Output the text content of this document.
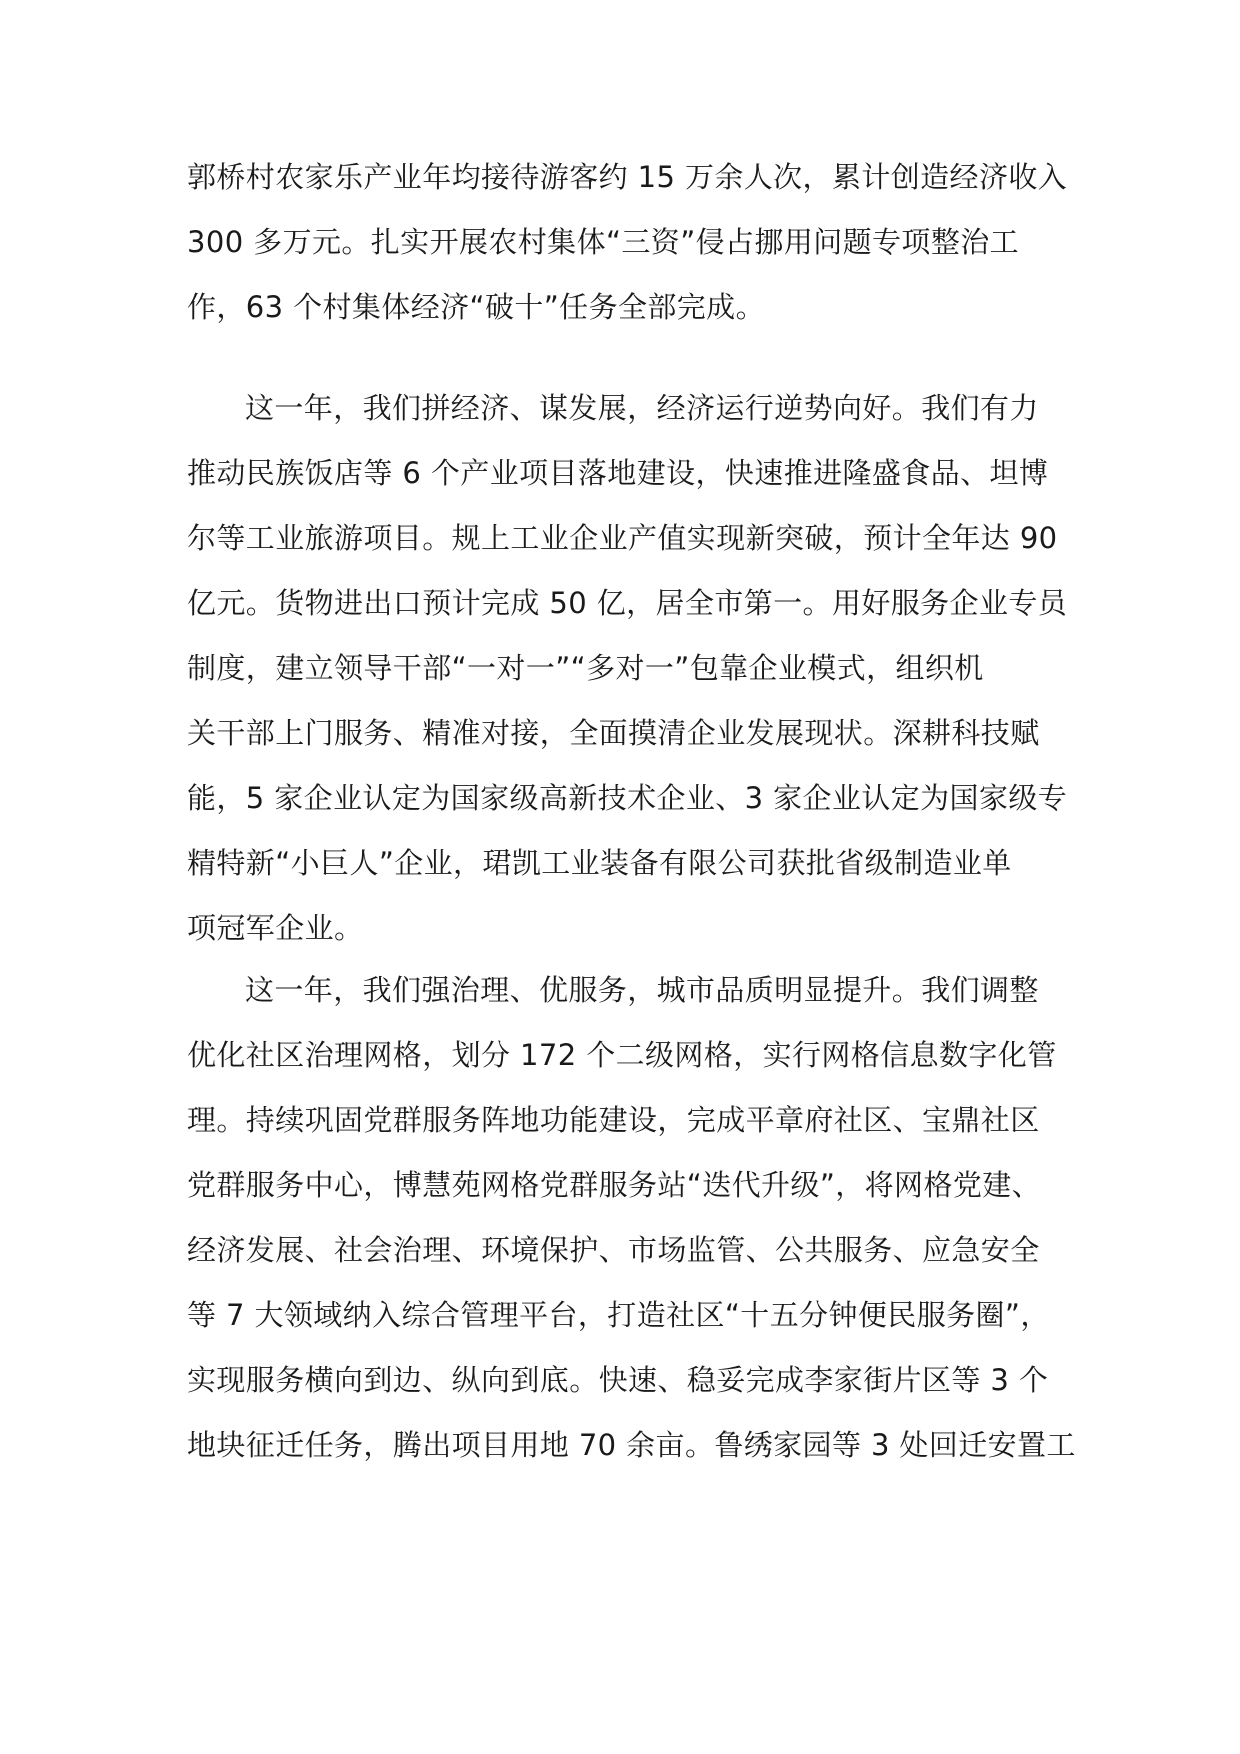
郭桥村农家乐产业年均接待游客约 15 万余人次，累计创造经济收入
300 多万元。扎实开展农村集体“三资”侵占挪用问题专项整治工
作，63 个村集体经济“破十”任务全部完成。
这一年，我们拼经济、谋发展，经济运行逆势向好。我们有力
推动民族饭店等 6 个产业项目落地建设，快速推进隆盛食品、坦博
尔等工业旅游项目。规上工业企业产值实现新突破，预计全年达 90
亿元。货物进出口预计完成 50 亿，居全市第一。用好服务企业专员
制度，建立领导干部“一对一”“多对一”包靠企业模式，组织机
关干部上门服务、精准对接，全面摸清企业发展现状。深耕科技赋
能，5 家企业认定为国家级高新技术企业、3 家企业认定为国家级专
精特新“小巨人”企业，珺凯工业装备有限公司获批省级制造业单
项冠军企业。
这一年，我们强治理、优服务，城市品质明显提升。我们调整
优化社区治理网格，划分 172 个二级网格，实行网格信息数字化管
理。持续巩固党群服务阵地功能建设，完成平章府社区、宝鼎社区
党群服务中心，博慧苑网格党群服务站“迭代升级”，将网格党建、
经济发展、社会治理、环境保护、市场监管、公共服务、应急安全
等 7 大领域纳入综合管理平台，打造社区“十五分钟便民服务圈”，
实现服务横向到边、纵向到底。快速、稳妥完成李家街片区等 3 个
地块征迁任务，腾出项目用地 70 余亩。鲁绣家园等 3 处回迁安置工
